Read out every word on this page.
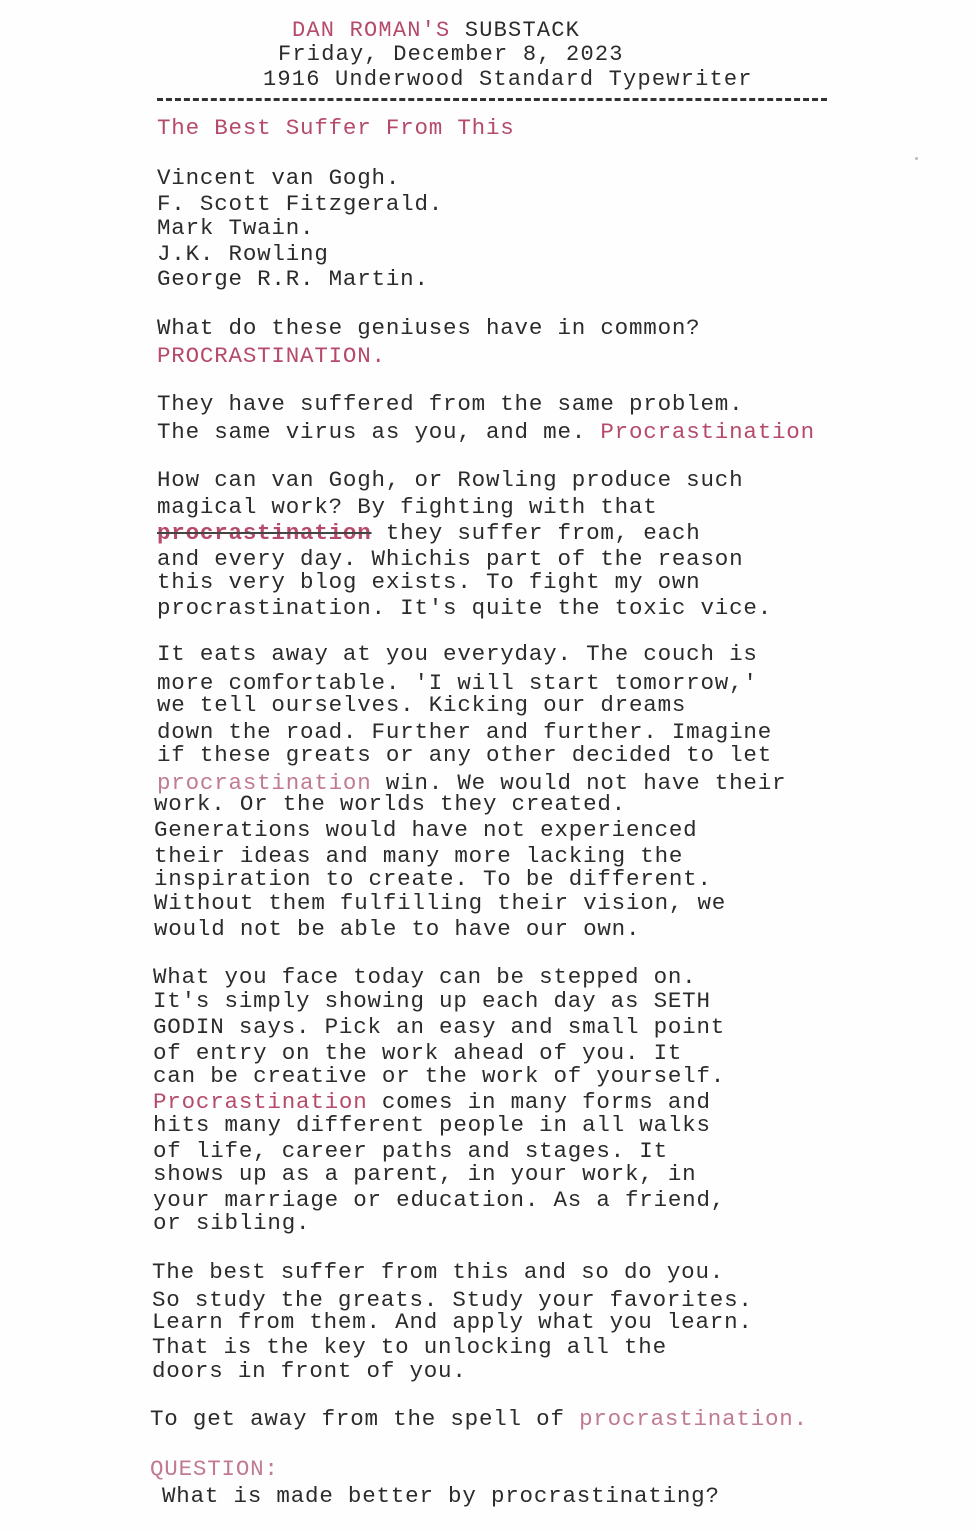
DAN ROMAN'S SUBSTACK
Friday, December 8, 2023
1916 Underwood Standard Typewriter
The Best Suffer From This
Vincent van Gogh.
F. Scott Fitzgerald.
Mark Twain.
J.K. Rowling
George R.R. Martin.
What do these geniuses have in common?
PROCRASTINATION.
They have suffered from the same problem.
The same virus as you, and me. Procrastination
How can van Gogh, or Rowling produce such
magical work? By fighting with that
procrastination they suffer from, each
and every day. Whichis part of the reason
this very blog exists. To fight my own
procrastination. It's quite the toxic vice.
It eats away at you everyday. The couch is
more comfortable. 'I will start tomorrow,'
we tell ourselves. Kicking our dreams
down the road. Further and further. Imagine
if these greats or any other decided to let
procrastination win. We would not have their
work. Or the worlds they created.
Generations would have not experienced
their ideas and many more lacking the
inspiration to create. To be different.
Without them fulfilling their vision, we
would not be able to have our own.
What you face today can be stepped on.
It's simply showing up each day as SETH
GODIN says. Pick an easy and small point
of entry on the work ahead of you. It
can be creative or the work of yourself.
Procrastination comes in many forms and
hits many different people in all walks
of life, career paths and stages. It
shows up as a parent, in your work, in
your marriage or education. As a friend,
or sibling.
The best suffer from this and so do you.
So study the greats. Study your favorites.
Learn from them. And apply what you learn.
That is the key to unlocking all the
doors in front of you.
To get away from the spell of procrastination.
QUESTION:
What is made better by procrastinating?
